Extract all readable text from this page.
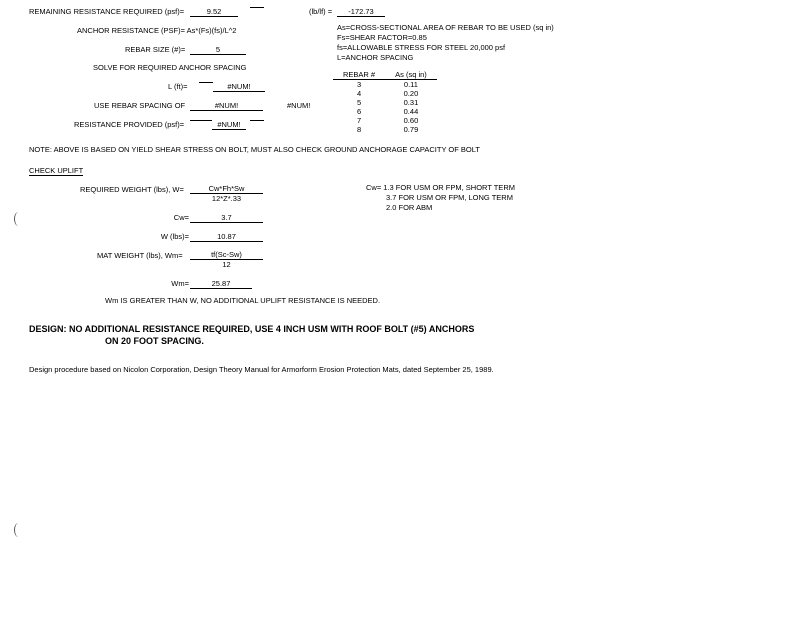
REMAINING RESISTANCE REQUIRED (psf)=	9.52	(lb/lf) =	-172.73
ANCHOR RESISTANCE (PSF)= As*(Fs)(fs)/L^2
REBAR SIZE (#)=	5
SOLVE FOR REQUIRED ANCHOR SPACING
L (ft)=	#NUM!
USE REBAR SPACING OF	#NUM!	#NUM!
RESISTANCE PROVIDED (psf)=	#NUM!
As=CROSS-SECTIONAL AREA OF REBAR TO BE USED (sq in)
Fs=SHEAR FACTOR=0.85
fs=ALLOWABLE STRESS FOR STEEL 20,000 psf
L=ANCHOR SPACING
REBAR #	As (sq in)
3	0.11
4	0.20
5	0.31
6	0.44
7	0.60
8	0.79
NOTE: ABOVE IS BASED ON YIELD SHEAR STRESS ON BOLT, MUST ALSO CHECK GROUND ANCHORAGE CAPACITY OF BOLT
CHECK UPLIFT
REQUIRED WEIGHT (lbs), W=	Cw*Fh*Sw
12*Z*.33
Cw= 1.3 FOR USM OR FPM, SHORT TERM
3.7 FOR USM OR FPM, LONG TERM
2.0 FOR ABM
Cw=	3.7
W (lbs)=	10.87
MAT WEIGHT (lbs), Wm=	tf(Sc-Sw)
12
Wm=	25.87
Wm IS GREATER THAN W, NO ADDITIONAL UPLIFT RESISTANCE IS NEEDED.
DESIGN: NO ADDITIONAL RESISTANCE REQUIRED, USE 4 INCH USM WITH ROOF BOLT (#5) ANCHORS
ON 20 FOOT SPACING.
Design procedure based on Nicolon Corporation, Design Theory Manual for Armorform Erosion Protection Mats, dated September 25, 1989.
